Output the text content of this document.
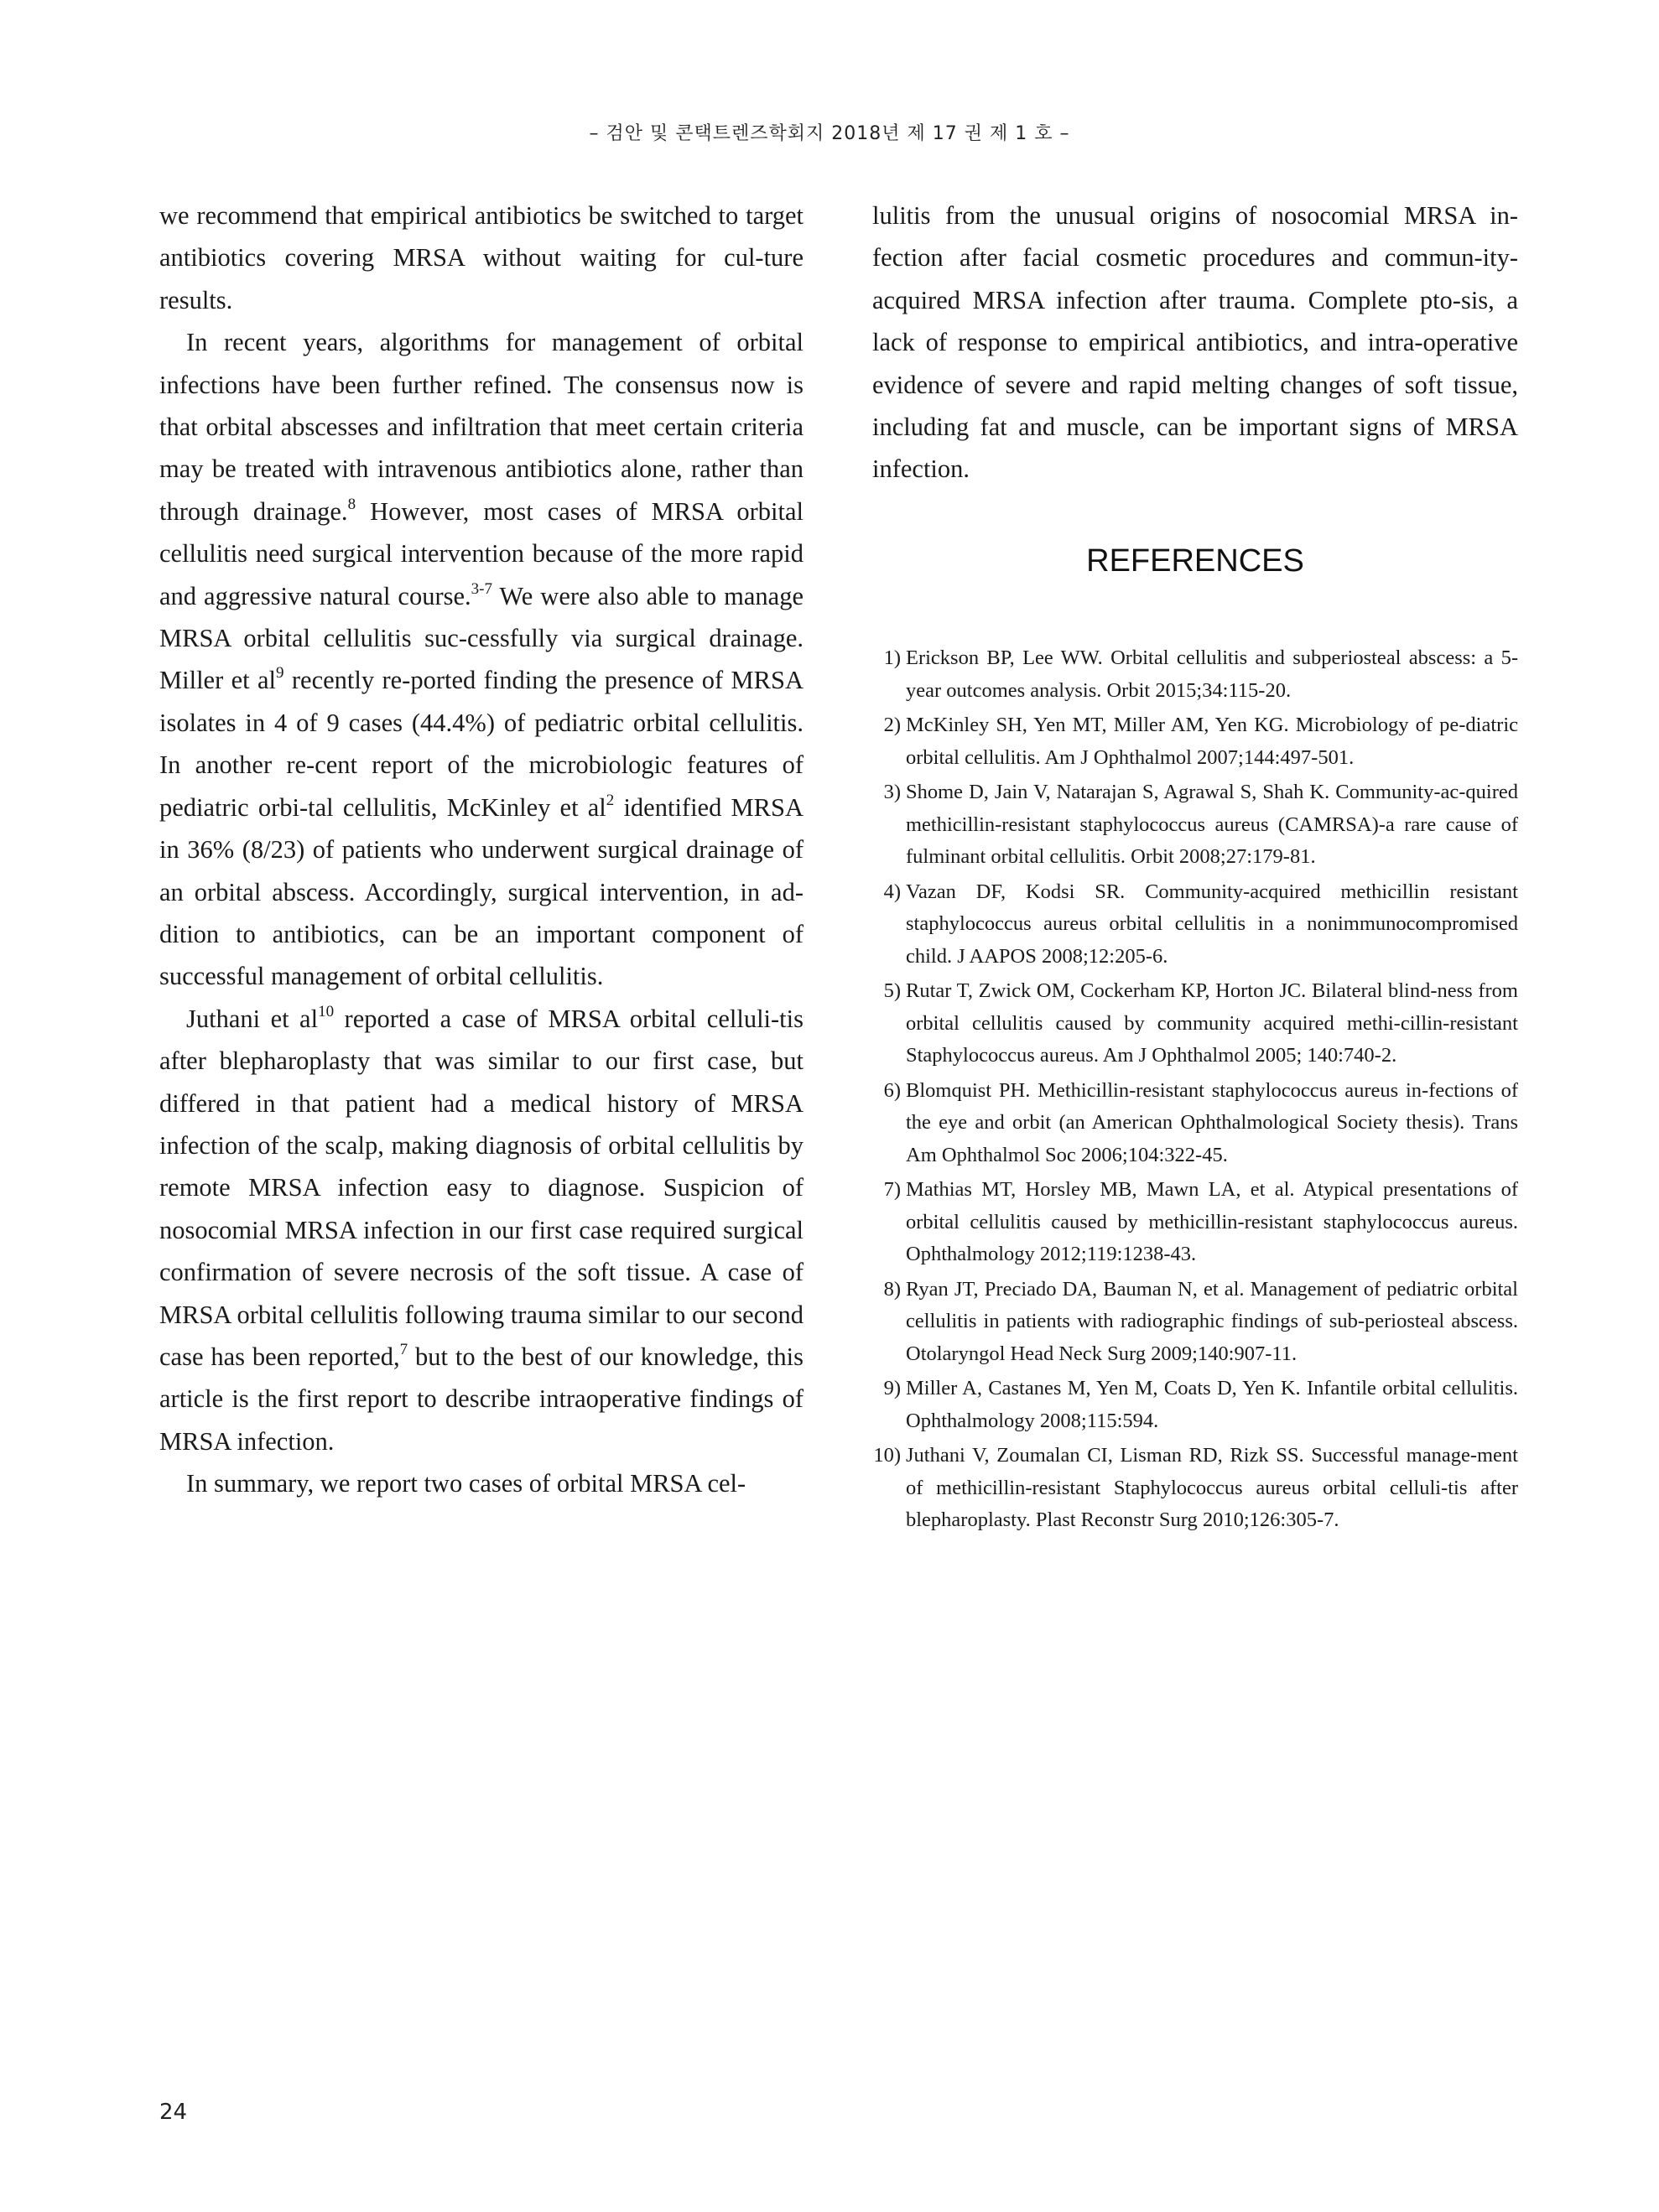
– 검안 및 콘택트렌즈학회지 2018년 제 17 권 제 1 호 –

we recommend that empirical antibiotics be switched to target antibiotics covering MRSA without waiting for cul-ture results.

In recent years, algorithms for management of orbital infections have been further refined. The consensus now is that orbital abscesses and infiltration that meet certain criteria may be treated with intravenous antibiotics alone, rather than through drainage.$^8$ However, most cases of MRSA orbital cellulitis need surgical intervention because of the more rapid and aggressive natural course.$^{3-7}$ We were also able to manage MRSA orbital cellulitis suc-cessfully via surgical drainage. Miller et $al^9$ recently re-ported finding the presence of MRSA isolates in 4 of 9 cases (44.4%) of pediatric orbital cellulitis. In another re-cent report of the microbiologic features of pediatric orbi-tal cellulitis, McKinley et $al^2$ identified MRSA in 36% (8/23) of patients who underwent surgical drainage of an orbital abscess. Accordingly, surgical intervention, in ad-dition to antibiotics, can be an important component of successful management of orbital cellulitis.

Juthani et $al^{10}$ reported a case of MRSA orbital celluli-tis after blepharoplasty that was similar to our first case, but differed in that patient had a medical history of MRSA infection of the scalp, making diagnosis of orbital cellulitis by remote MRSA infection easy to diagnose. Suspicion of nosocomial MRSA infection in our first case required surgical confirmation of severe necrosis of the soft tissue. A case of MRSA orbital cellulitis following trauma similar to our second case has been reported,$^7$ but to the best of our knowledge, this article is the first report to describe intraoperative findings of MRSA infection.

In summary, we report two cases of orbital MRSA cel-

lulitis from the unusual origins of nosocomial MRSA in-fection after facial cosmetic procedures and commun-ity-acquired MRSA infection after trauma. Complete pto-sis, a lack of response to empirical antibiotics, and intra-operative evidence of severe and rapid melting changes of soft tissue, including fat and muscle, can be important signs of MRSA infection.

REFERENCES
1) Erickson BP, Lee WW. Orbital cellulitis and subperiosteal abscess: a 5-year outcomes analysis. Orbit 2015;34:115-20.
2) McKinley SH, Yen MT, Miller AM, Yen KG. Microbiology of pe-diatric orbital cellulitis. Am J Ophthalmol 2007;144:497-501.
3) Shome D, Jain V, Natarajan S, Agrawal S, Shah K. Community-ac-quired methicillin-resistant staphylococcus aureus (CAMRSA)-a rare cause of fulminant orbital cellulitis. Orbit 2008;27:179-81.
4) Vazan DF, Kodsi SR. Community-acquired methicillin resistant staphylococcus aureus orbital cellulitis in a nonimmunocompromised child. J AAPOS 2008;12:205-6.
5) Rutar T, Zwick OM, Cockerham KP, Horton JC. Bilateral blind-ness from orbital cellulitis caused by community acquired methi-cillin-resistant Staphylococcus aureus. Am J Ophthalmol 2005; 140:740-2.
6) Blomquist PH. Methicillin-resistant staphylococcus aureus in-fections of the eye and orbit (an American Ophthalmological Society thesis). Trans Am Ophthalmol Soc 2006;104:322-45.
7) Mathias MT, Horsley MB, Mawn LA, et al. Atypical presentations of orbital cellulitis caused by methicillin-resistant staphylococcus aureus. Ophthalmology 2012;119:1238-43.
8) Ryan JT, Preciado DA, Bauman N, et al. Management of pediatric orbital cellulitis in patients with radiographic findings of sub-periosteal abscess. Otolaryngol Head Neck Surg 2009;140:907-11.
9) Miller A, Castanes M, Yen M, Coats D, Yen K. Infantile orbital cellulitis. Ophthalmology 2008;115:594.
10) Juthani V, Zoumalan CI, Lisman RD, Rizk SS. Successful manage-ment of methicillin-resistant Staphylococcus aureus orbital celluli-tis after blepharoplasty. Plast Reconstr Surg 2010;126:305-7.
24
